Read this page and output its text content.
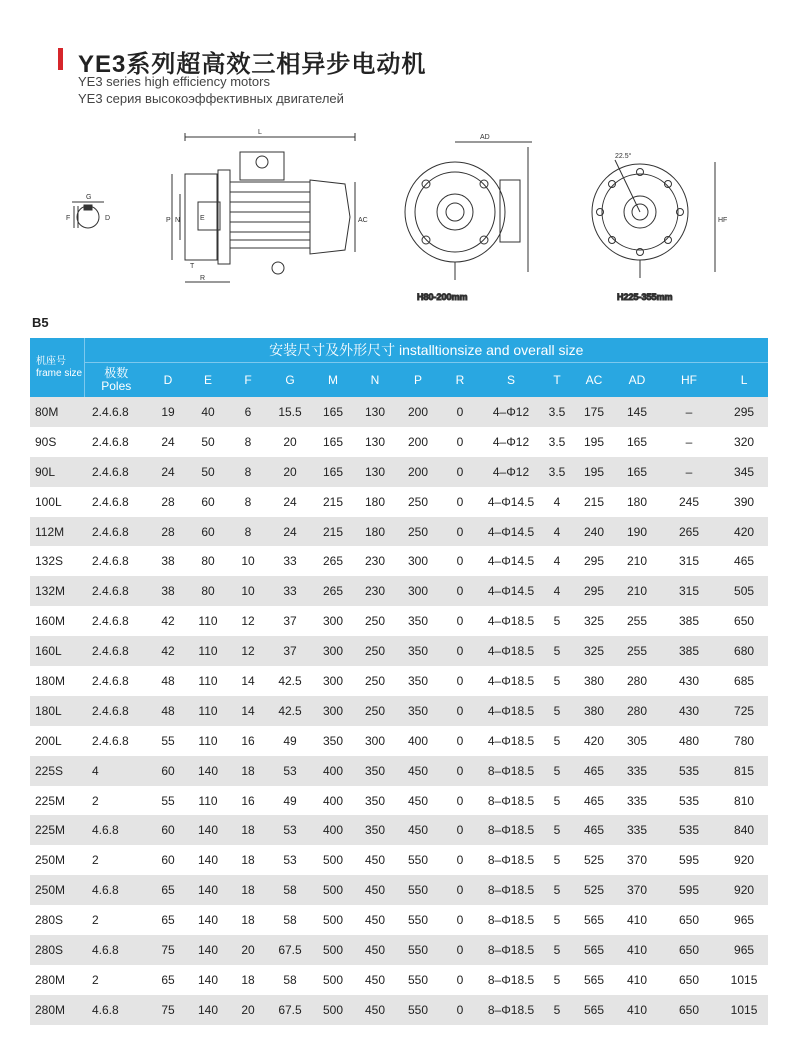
YE3系列超高效三相异步电动机
YE3 series high efficiency motors
YE3 серия высокоэффективных двигателей
G
F	D
L
P N	E
R
T
AC
AD
H80-200mm
22.5°
HF
H225-355mm
B5
机座号
frame size	安装尺寸及外形尺寸 installtionsize and overall size														

	极数
Poles	D	E	F	G	M	N	P	R	S	T	AC	AD	HF	L
80M	2.4.6.8	19	40	6	15.5	165	130	200	0	4–Φ12	3.5	175	145	–	295
90S	2.4.6.8	24	50	8	20	165	130	200	0	4–Φ12	3.5	195	165	–	320
90L	2.4.6.8	24	50	8	20	165	130	200	0	4–Φ12	3.5	195	165	–	345
100L	2.4.6.8	28	60	8	24	215	180	250	0	4–Φ14.5	4	215	180	245	390
112M	2.4.6.8	28	60	8	24	215	180	250	0	4–Φ14.5	4	240	190	265	420
132S	2.4.6.8	38	80	10	33	265	230	300	0	4–Φ14.5	4	295	210	315	465
132M	2.4.6.8	38	80	10	33	265	230	300	0	4–Φ14.5	4	295	210	315	505
160M	2.4.6.8	42	110	12	37	300	250	350	0	4–Φ18.5	5	325	255	385	650
160L	2.4.6.8	42	110	12	37	300	250	350	0	4–Φ18.5	5	325	255	385	680
180M	2.4.6.8	48	110	14	42.5	300	250	350	0	4–Φ18.5	5	380	280	430	685
180L	2.4.6.8	48	110	14	42.5	300	250	350	0	4–Φ18.5	5	380	280	430	725
200L	2.4.6.8	55	110	16	49	350	300	400	0	4–Φ18.5	5	420	305	480	780
225S	4	60	140	18	53	400	350	450	0	8–Φ18.5	5	465	335	535	815
225M	2	55	110	16	49	400	350	450	0	8–Φ18.5	5	465	335	535	810
225M	4.6.8	60	140	18	53	400	350	450	0	8–Φ18.5	5	465	335	535	840
250M	2	60	140	18	53	500	450	550	0	8–Φ18.5	5	525	370	595	920
250M	4.6.8	65	140	18	58	500	450	550	0	8–Φ18.5	5	525	370	595	920
280S	2	65	140	18	58	500	450	550	0	8–Φ18.5	5	565	410	650	965
280S	4.6.8	75	140	20	67.5	500	450	550	0	8–Φ18.5	5	565	410	650	965
280M	2	65	140	18	58	500	450	550	0	8–Φ18.5	5	565	410	650	1015
280M	4.6.8	75	140	20	67.5	500	450	550	0	8–Φ18.5	5	565	410	650	1015
